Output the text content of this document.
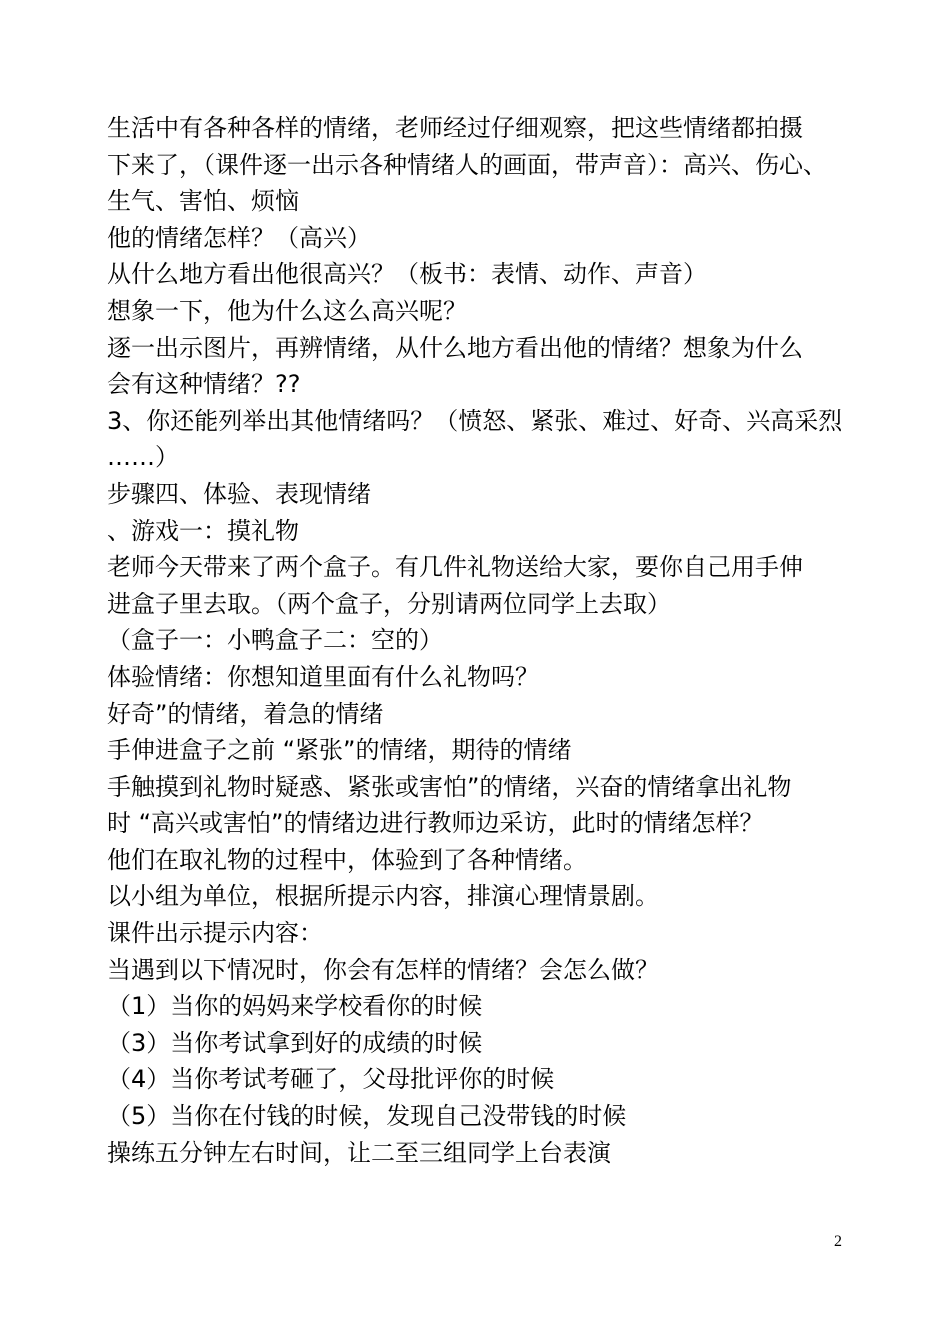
生活中有各种各样的情绪，老师经过仔细观察，把这些情绪都拍摄
下来了，（课件逐一出示各种情绪人的画面，带声音）：高兴、伤心、
生气、害怕、烦恼
他的情绪怎样？（高兴）
从什么地方看出他很高兴？（板书：表情、动作、声音）
想象一下，他为什么这么高兴呢？
逐一出示图片，再辨情绪，从什么地方看出他的情绪？想象为什么
会有这种情绪？??
3、你还能列举出其他情绪吗？（愤怒、紧张、难过、好奇、兴高采烈
……）
步骤四、体验、表现情绪
、游戏一：摸礼物
老师今天带来了两个盒子。有几件礼物送给大家，要你自己用手伸
进盒子里去取。（两个盒子，分别请两位同学上去取）
（盒子一：小鸭盒子二：空的）
体验情绪：你想知道里面有什么礼物吗？
好奇”的情绪，着急的情绪
手伸进盒子之前 “紧张”的情绪，期待的情绪
手触摸到礼物时疑惑、紧张或害怕”的情绪，兴奋的情绪拿出礼物
时 “高兴或害怕”的情绪边进行教师边采访，此时的情绪怎样？
他们在取礼物的过程中，体验到了各种情绪。
以小组为单位，根据所提示内容，排演心理情景剧。
课件出示提示内容：
当遇到以下情况时，你会有怎样的情绪？会怎么做？
（1）当你的妈妈来学校看你的时候
（3）当你考试拿到好的成绩的时候
（4）当你考试考砸了，父母批评你的时候
（5）当你在付钱的时候，发现自己没带钱的时候
操练五分钟左右时间，让二至三组同学上台表演
2
